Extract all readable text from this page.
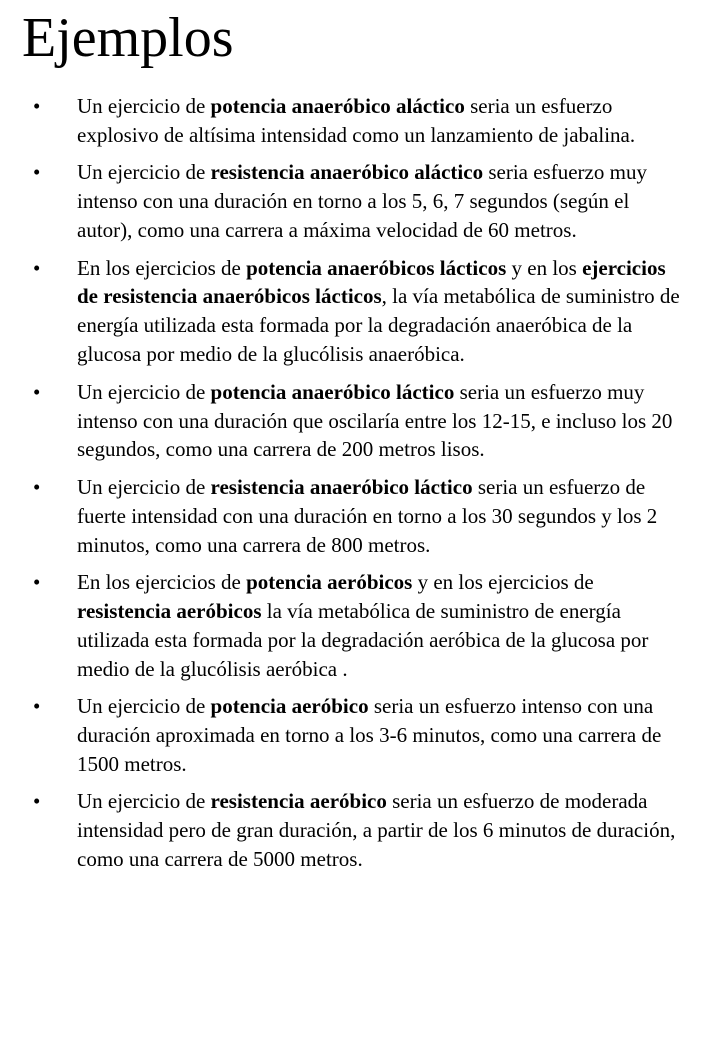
Ejemplos
• Un ejercicio de potencia anaeróbico aláctico seria un esfuerzo explosivo de altísima intensidad como un lanzamiento de jabalina.
• Un ejercicio de resistencia anaeróbico aláctico seria esfuerzo muy intenso con una duración en torno a los 5, 6, 7 segundos (según el autor), como una carrera a máxima velocidad de 60 metros.
• En los ejercicios de potencia anaeróbicos lácticos y en los ejercicios de resistencia anaeróbicos lácticos, la vía metabólica de suministro de energía utilizada esta formada por la degradación anaeróbica de la glucosa por medio de la glucólisis anaeróbica.
• Un ejercicio de potencia anaeróbico láctico seria un esfuerzo muy intenso con una duración que oscilaría entre los 12-15, e incluso los 20 segundos, como una carrera de 200 metros lisos.
• Un ejercicio de resistencia anaeróbico láctico seria un esfuerzo de fuerte intensidad con una duración en torno a los 30 segundos y los 2 minutos, como una carrera de 800 metros.
• En los ejercicios de potencia aeróbicos y en los ejercicios de resistencia aeróbicos la vía metabólica de suministro de energía utilizada esta formada por la degradación aeróbica de la glucosa por medio de la glucólisis aeróbica .
• Un ejercicio de potencia aeróbico seria un esfuerzo intenso con una duración aproximada en torno a los 3-6 minutos, como una carrera de 1500 metros.
• Un ejercicio de resistencia aeróbico seria un esfuerzo de moderada intensidad pero de gran duración, a partir de los 6 minutos de duración, como una carrera de 5000 metros.
